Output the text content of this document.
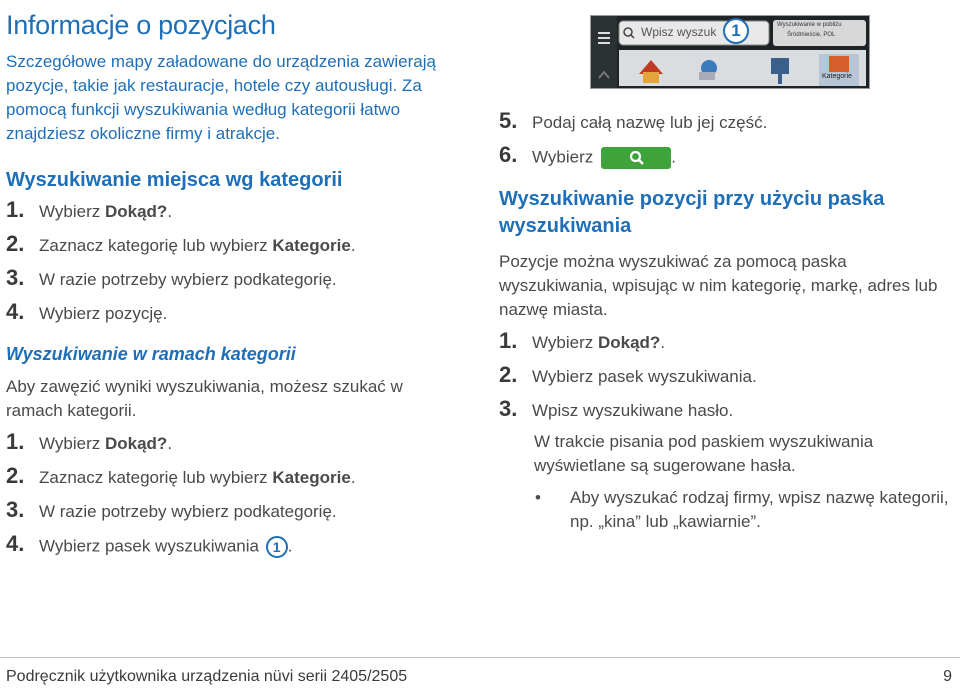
Informacje o pozycjach
Szczegółowe mapy załadowane do urządzenia zawierają pozycje, takie jak restauracje, hotele czy autousługi. Za pomocą funkcji wyszukiwania według kategorii łatwo znajdziesz okoliczne firmy i atrakcje.
Wyszukiwanie miejsca wg kategorii
1. Wybierz Dokąd?.
2. Zaznacz kategorię lub wybierz Kategorie.
3. W razie potrzeby wybierz podkategorię.
4. Wybierz pozycję.
Wyszukiwanie w ramach kategorii

Aby zawęzić wyniki wyszukiwania, możesz szukać w ramach kategorii.

1. Wybierz Dokąd?.
2. Zaznacz kategorię lub wybierz Kategorie.
3. W razie potrzeby wybierz podkategorię.
4. Wybierz pasek wyszukiwania 1 .
Wpisz wyszuk	Wyszukiwanie w pobliżu
Śródmieście, POL
Kategorie
1
5. Podaj całą nazwę lub jej część.
6. Wybierz	.
Wyszukiwanie pozycji przy użyciu paska wyszukiwania

Pozycje można wyszukiwać za pomocą paska wyszukiwania, wpisując w nim kategorię, markę, adres lub nazwę miasta.

1. Wybierz Dokąd?.
2. Wybierz pasek wyszukiwania.
3. Wpisz wyszukiwane hasło.

W trakcie pisania pod paskiem wyszukiwania wyświetlane są sugerowane hasła.

•	Aby wyszukać rodzaj firmy, wpisz nazwę kategorii, np. „kina” lub „kawiarnie”.
Podręcznik użytkownika urządzenia nüvi serii 2405/2505	9
